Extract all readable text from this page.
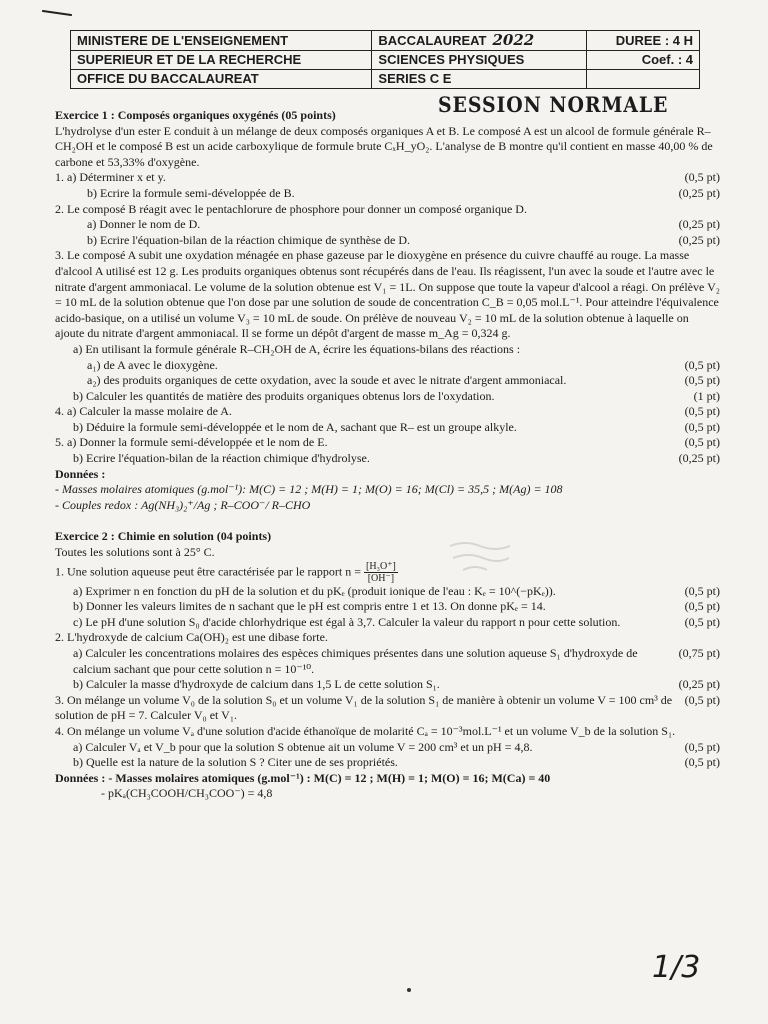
MINISTERE DE L'ENSEIGNEMENT	BACCALAUREAT 2022	DUREE : 4 H
SUPERIEUR ET DE LA RECHERCHE	SCIENCES PHYSIQUES	Coef. : 4
OFFICE DU BACCALAUREAT	SERIES C E	
SESSION NORMALE

Exercice 1 : Composés organiques oxygénés (05 points)

L'hydrolyse d'un ester E conduit à un mélange de deux composés organiques A et B. Le composé A est un alcool de formule générale R–CH₂OH et le composé B est un acide carboxylique de formule brute CₓH_yO₂. L'analyse de B montre qu'il contient en masse 40,00 % de carbone et 53,33% d'oxygène.

1. a) Déterminer x et y.	(0,5 pt)
b) Ecrire la formule semi-développée de B.	(0,25 pt)

2. Le composé B réagit avec le pentachlorure de phosphore pour donner un composé organique D.

a) Donner le nom de D.	(0,25 pt)
b) Ecrire l'équation-bilan de la réaction chimique de synthèse de D.	(0,25 pt)

3. Le composé A subit une oxydation ménagée en phase gazeuse par le dioxygène en présence du cuivre chauffé au rouge. La masse d'alcool A utilisé est 12 g. Les produits organiques obtenus sont récupérés dans de l'eau. Ils réagissent, l'un avec la soude et l'autre avec le nitrate d'argent ammoniacal. Le volume de la solution obtenue est V₁ = 1L. On suppose que toute la vapeur d'alcool a réagi. On prélève V₂ = 10 mL de la solution obtenue que l'on dose par une solution de soude de concentration C_B = 0,05 mol.L⁻¹. Pour atteindre l'équivalence acido-basique, on a utilisé un volume V₃ = 10 mL de soude. On prélève de nouveau V₂ = 10 mL de la solution obtenue à laquelle on ajoute du nitrate d'argent ammoniacal. Il se forme un dépôt d'argent de masse m_Ag = 0,324 g.

a) En utilisant la formule générale R–CH₂OH de A, écrire les équations-bilans des réactions :

a₁) de A avec le dioxygène.	(0,5 pt)
a₂) des produits organiques de cette oxydation, avec la soude et avec le nitrate d'argent ammoniacal.	(0,5 pt)
b) Calculer les quantités de matière des produits organiques obtenus lors de l'oxydation.	(1 pt)
4. a) Calculer la masse molaire de A.	(0,5 pt)
b) Déduire la formule semi-développée et le nom de A, sachant que R– est un groupe alkyle.	(0,5 pt)
5. a) Donner la formule semi-développée et le nom de E.	(0,5 pt)
b) Ecrire l'équation-bilan de la réaction chimique d'hydrolyse.	(0,25 pt)

Données :

- Masses molaires atomiques (g.mol⁻¹): M(C) = 12 ; M(H) = 1; M(O) = 16; M(Cl) = 35,5 ; M(Ag) = 108

- Couples redox : Ag(NH₃)₂⁺/Ag ; R–COO⁻/ R–CHO

Exercice 2 : Chimie en solution (04 points)

Toutes les solutions sont à 25° C.

1. Une solution aqueuse peut être caractérisée par le rapport $n = \frac{\text{[H₃O⁺]}}{[OH^-]}$

a) Exprimer n en fonction du pH de la solution et du pKₑ (produit ionique de l'eau : Kₑ = 10^(−pKₑ)).	(0,5 pt)
b) Donner les valeurs limites de n sachant que le pH est compris entre 1 et 13. On donne pKₑ = 14.	(0,5 pt)
c) Le pH d'une solution S₀ d'acide chlorhydrique est égal à 3,7. Calculer la valeur du rapport n pour cette solution.	(0,5 pt)

2. L'hydroxyde de calcium Ca(OH)₂ est une dibase forte.

a) Calculer les concentrations molaires des espèces chimiques présentes dans une solution aqueuse S₁ d'hydroxyde de calcium sachant que pour cette solution n = 10⁻¹⁰.
(0,75 pt)
b) Calculer la masse d'hydroxyde de calcium dans 1,5 L de cette solution S₁.	(0,25 pt)
3. On mélange un volume V₀ de la solution S₀ et un volume V₁ de la solution S₁ de manière à obtenir un volume V = 100 cm³ de solution de pH = 7. Calculer V₀ et V₁.
(0,5 pt)

4. On mélange un volume Vₐ d'une solution d'acide éthanoïque de molarité Cₐ = 10⁻³mol.L⁻¹ et un volume V_b de la solution S₁.

a) Calculer Vₐ et V_b pour que la solution S obtenue ait un volume V = 200 cm³ et un pH = 4,8.	(0,5 pt)
b) Quelle est la nature de la solution S ? Citer une de ses propriétés.	(0,5 pt)

Données : - Masses molaires atomiques (g.mol⁻¹) : M(C) = 12 ; M(H) = 1; M(O) = 16; M(Ca) = 40

- pKₐ(CH₃COOH/CH₃COO⁻) = 4,8

1/3
